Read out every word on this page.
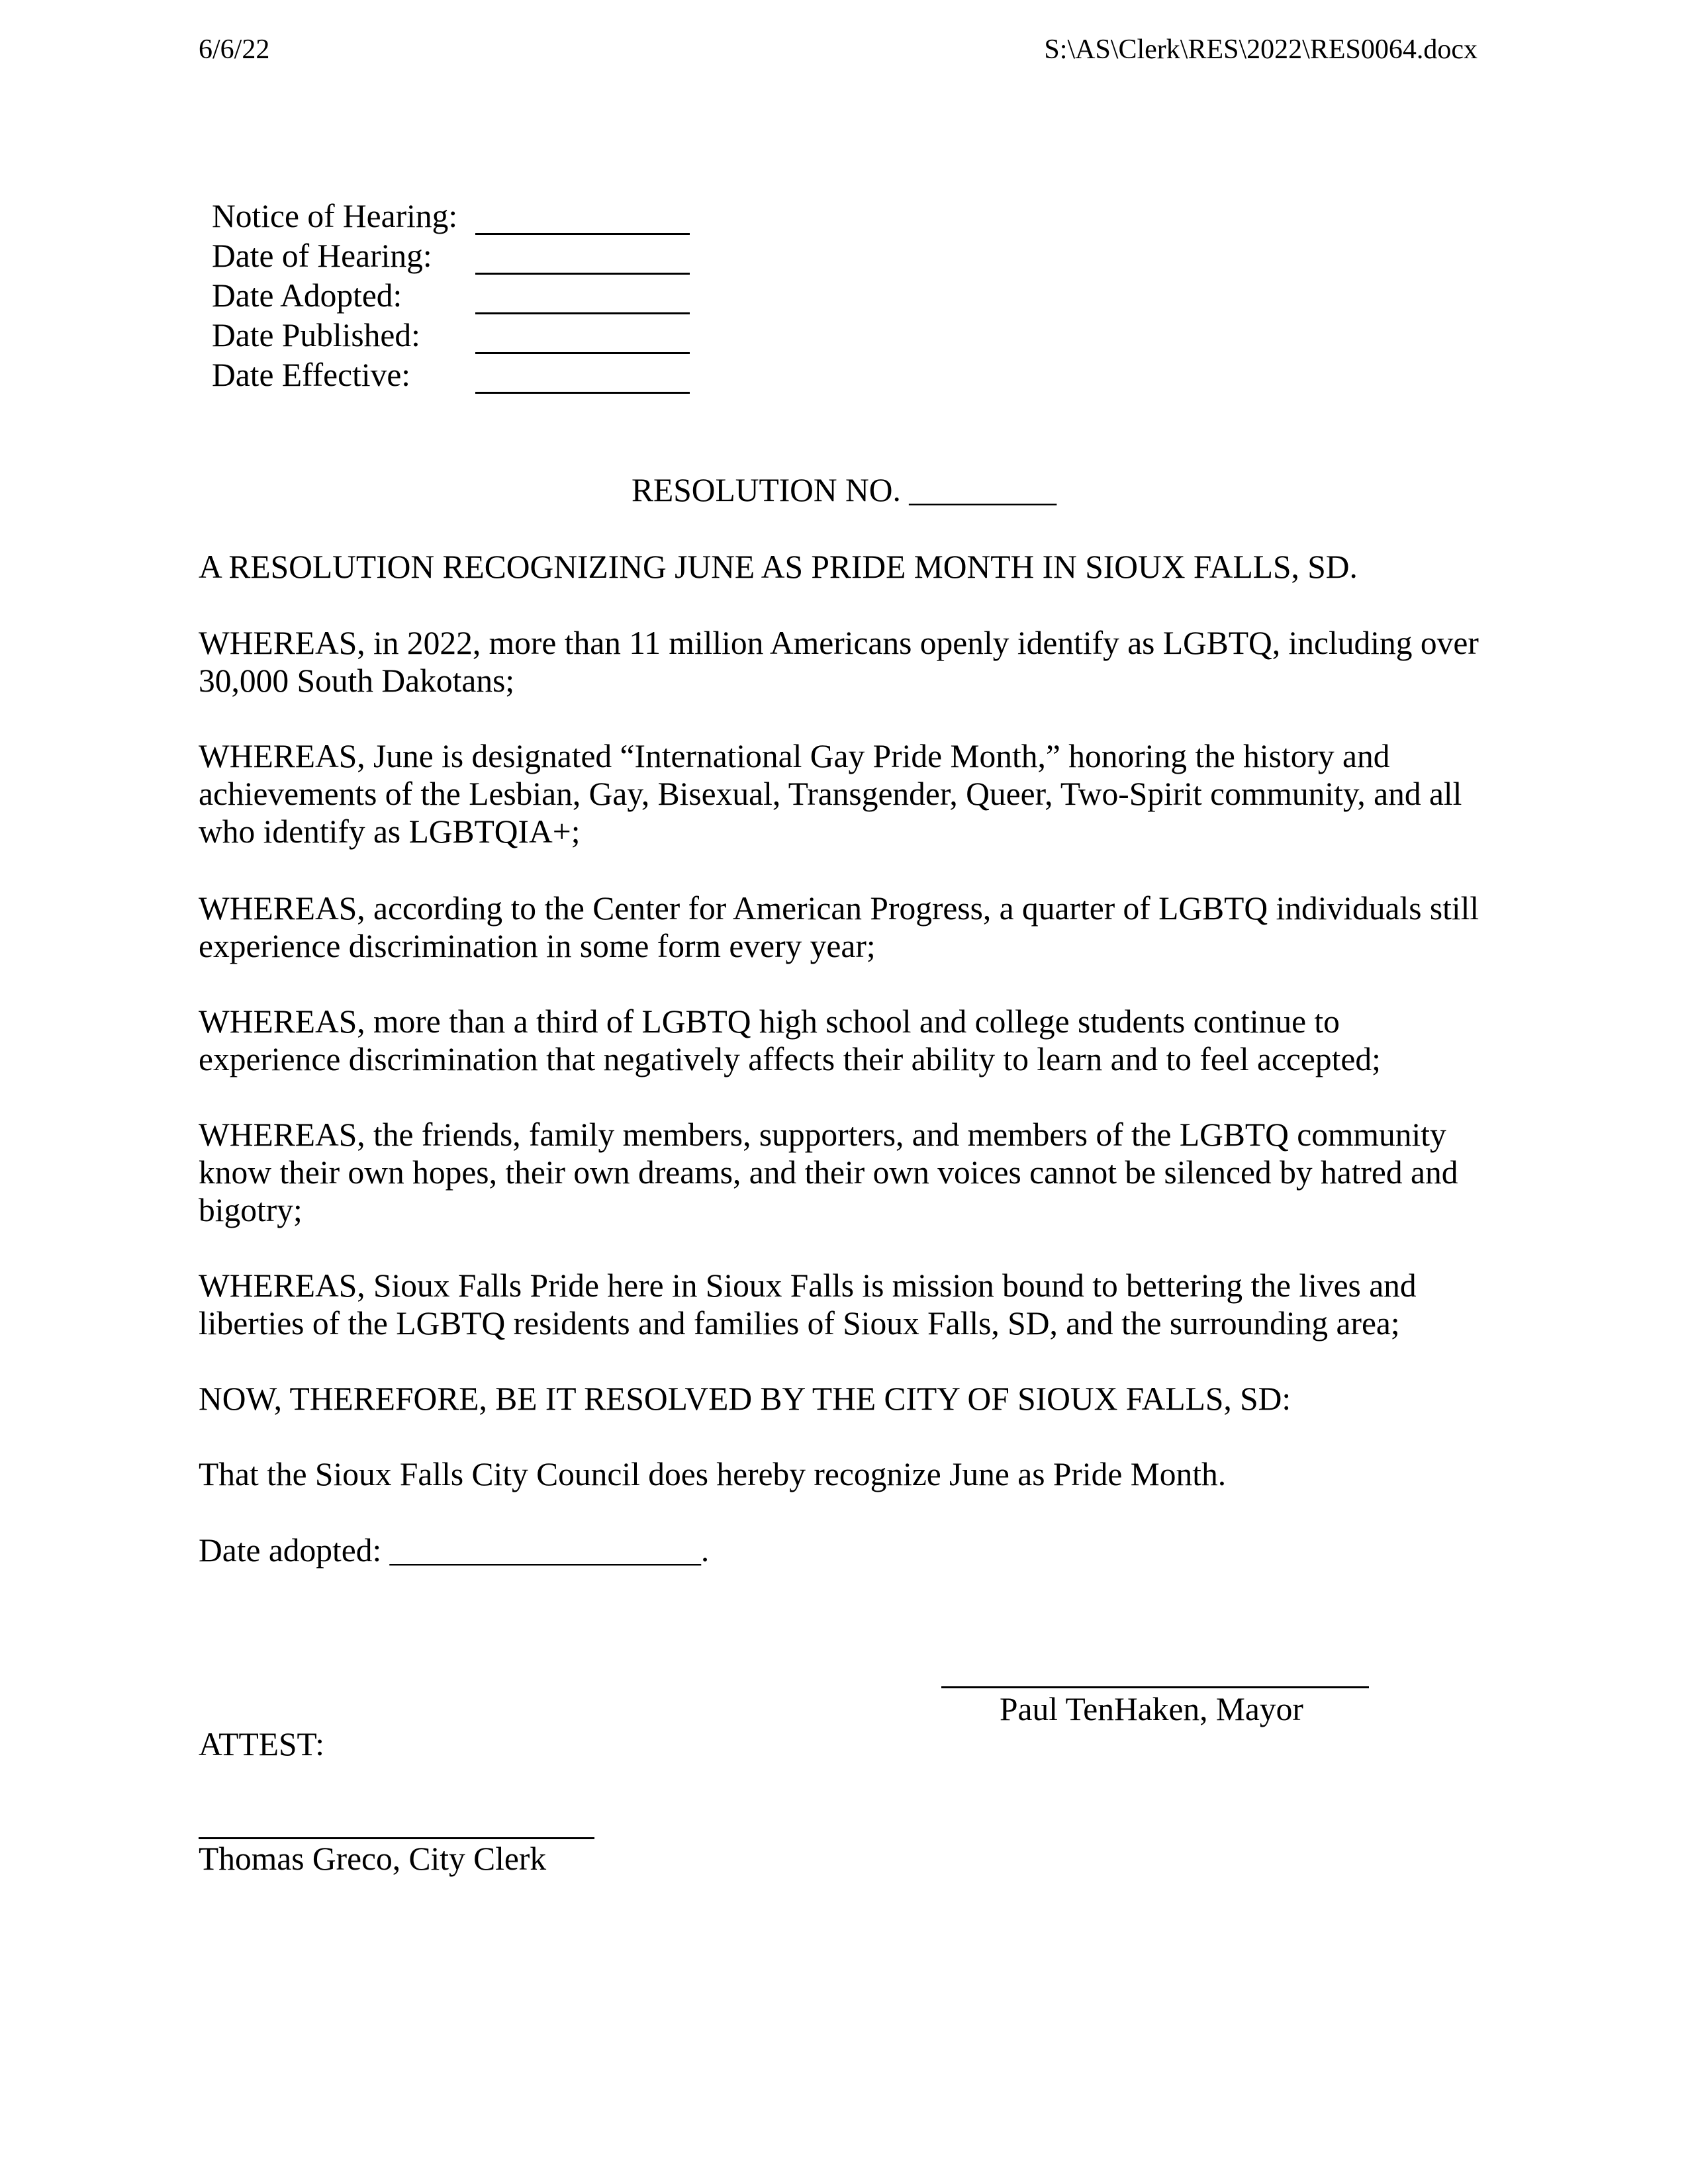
6/6/22	S:\AS\Clerk\RES\2022\RES0064.docx
Notice of Hearing:
Date of Hearing:
Date Adopted:
Date Published:
Date Effective:
RESOLUTION NO. _________

A RESOLUTION RECOGNIZING JUNE AS PRIDE MONTH IN SIOUX FALLS, SD.

WHEREAS, in 2022, more than 11 million Americans openly identify as LGBTQ, including over 30,000 South Dakotans;

WHEREAS, June is designated “International Gay Pride Month,” honoring the history and achievements of the Lesbian, Gay, Bisexual, Transgender, Queer, Two-Spirit community, and all who identify as LGBTQIA+;

WHEREAS, according to the Center for American Progress, a quarter of LGBTQ individuals still experience discrimination in some form every year;

WHEREAS, more than a third of LGBTQ high school and college students continue to experience discrimination that negatively affects their ability to learn and to feel accepted;

WHEREAS, the friends, family members, supporters, and members of the LGBTQ community know their own hopes, their own dreams, and their own voices cannot be silenced by hatred and bigotry;

WHEREAS, Sioux Falls Pride here in Sioux Falls is mission bound to bettering the lives and liberties of the LGBTQ residents and families of Sioux Falls, SD, and the surrounding area;

NOW, THEREFORE, BE IT RESOLVED BY THE CITY OF SIOUX FALLS, SD:

That the Sioux Falls City Council does hereby recognize June as Pride Month.

Date adopted: ___________________.
Paul TenHaken, Mayor
ATTEST:
Thomas Greco, City Clerk
